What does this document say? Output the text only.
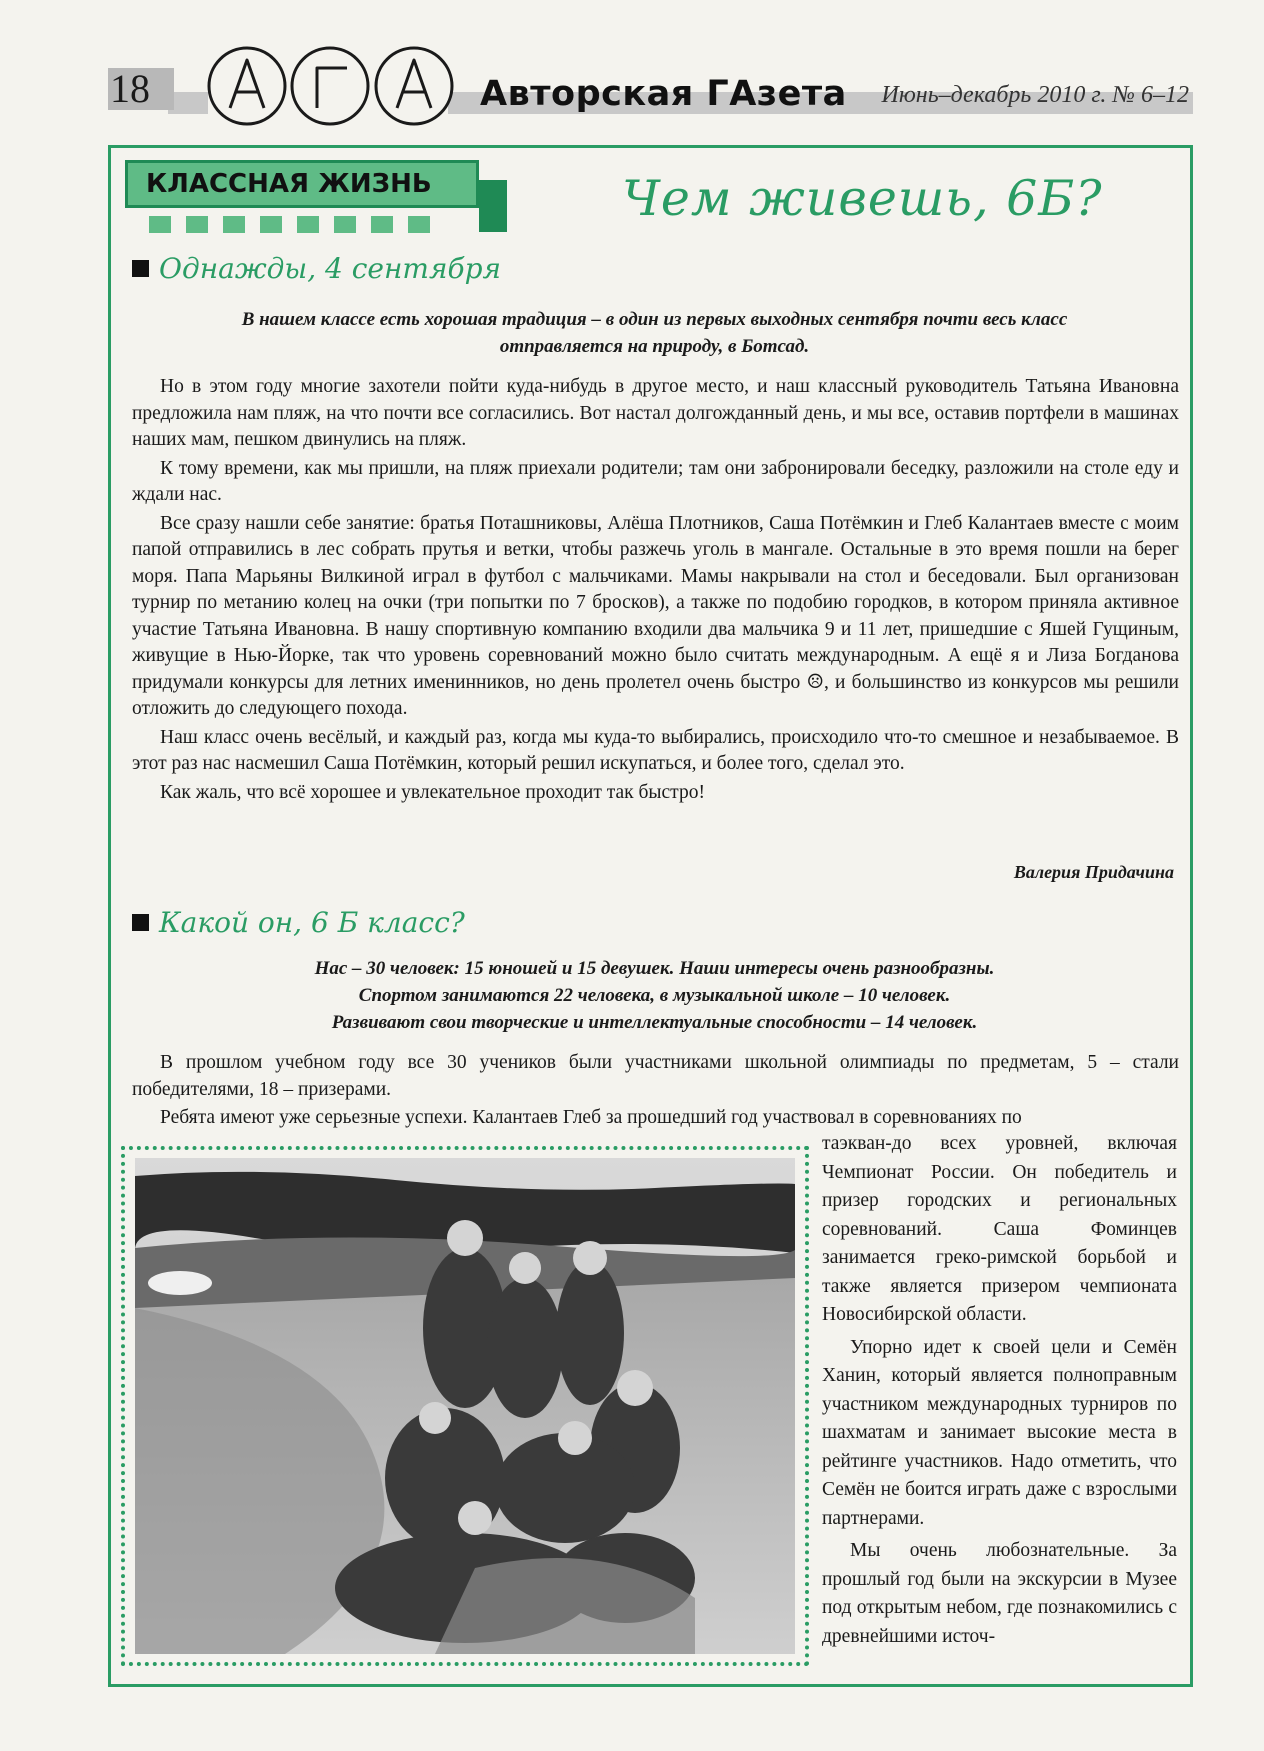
18	Авторская ГАзета Июнь–декабрь 2010 г. № 6–12
КЛАССНАЯ ЖИЗНЬ	Чем живешь, 6Б?
Однажды, 4 сентября
В нашем классе есть хорошая традиция – в один из первых выходных сентября почти весь класс
отправляется на природу, в Ботсад.

Но в этом году многие захотели пойти куда-нибудь в другое место, и наш классный руководитель Татьяна Ивановна предложила нам пляж, на что почти все согласились. Вот настал долгожданный день, и мы все, оставив портфели в машинах наших мам, пешком двинулись на пляж.

К тому времени, как мы пришли, на пляж приехали родители; там они забронировали беседку, разложили на столе еду и ждали нас.

Все сразу нашли себе занятие: братья Поташниковы, Алёша Плотников, Саша Потёмкин и Глеб Калантаев вместе с моим папой отправились в лес собрать прутья и ветки, чтобы разжечь уголь в мангале. Остальные в это время пошли на берег моря. Папа Марьяны Вилкиной играл в футбол с мальчиками. Мамы накрывали на стол и беседовали. Был организован турнир по метанию колец на очки (три попытки по 7 бросков), а также по подобию городков, в котором приняла активное участие Татьяна Ивановна. В нашу спортивную компанию входили два мальчика 9 и 11 лет, пришедшие с Яшей Гущиным, живущие в Нью-Йорке, так что уровень соревнований можно было считать международным. А ещё я и Лиза Богданова придумали конкурсы для летних именинников, но день пролетел очень быстро ☹, и большинство из конкурсов мы решили отложить до следующего похода.

Наш класс очень весёлый, и каждый раз, когда мы куда-то выбирались, происходило что-то смешное и незабываемое. В этот раз нас насмешил Саша Потёмкин, который решил искупаться, и более того, сделал это.

Как жаль, что всё хорошее и увлекательное проходит так быстро!

Валерия Придачина
Какой он, 6 Б класс?
Нас – 30 человек: 15 юношей и 15 девушек. Наши интересы очень разнообразны.
Спортом занимаются 22 человека, в музыкальной школе – 10 человек.
Развивают свои творческие и интеллектуальные способности – 14 человек.

В прошлом учебном году все 30 учеников были участниками школьной олимпиады по предметам, 5 – стали победителями, 18 – призерами.

Ребята имеют уже серьезные успехи. Калантаев Глеб за прошедший год участвовал в соревнованиях по

таэкван-до всех уровней, включая Чемпионат России. Он победитель и призер городских и региональных соревнований. Саша Фоминцев занимается греко-римской борьбой и также является призером чемпионата Новосибирской области.

Упорно идет к своей цели и Семён Ханин, который является полноправным участником международных турниров по шахматам и занимает высокие места в рейтинге участников. Надо отметить, что Семён не боится играть даже с взрослыми партнерами.

Мы очень любознательные. За прошлый год были на экскурсии в Музее под открытым небом, где познакомились с древнейшими источ-
